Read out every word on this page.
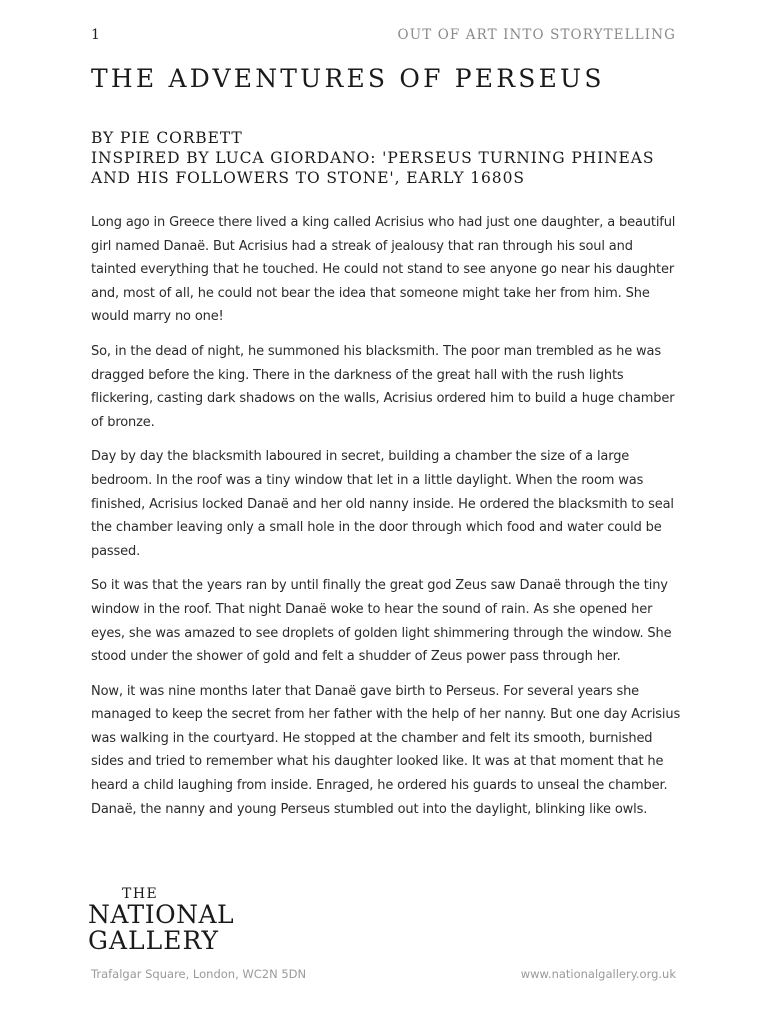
1	OUT OF ART INTO STORYTELLING
THE ADVENTURES OF PERSEUS
BY PIE CORBETT
INSPIRED BY LUCA GIORDANO: 'PERSEUS TURNING PHINEAS
AND HIS FOLLOWERS TO STONE', EARLY 1680S

Long ago in Greece there lived a king called Acrisius who had just one daughter, a beautiful girl named Danaë. But Acrisius had a streak of jealousy that ran through his soul and tainted everything that he touched. He could not stand to see anyone go near his daughter and, most of all, he could not bear the idea that someone might take her from him. She would marry no one!

So, in the dead of night, he summoned his blacksmith. The poor man trembled as he was dragged before the king. There in the darkness of the great hall with the rush lights flickering, casting dark shadows on the walls, Acrisius ordered him to build a huge chamber of bronze.

Day by day the blacksmith laboured in secret, building a chamber the size of a large bedroom. In the roof was a tiny window that let in a little daylight. When the room was finished, Acrisius locked Danaë and her old nanny inside. He ordered the blacksmith to seal the chamber leaving only a small hole in the door through which food and water could be passed.

So it was that the years ran by until finally the great god Zeus saw Danaë through the tiny window in the roof. That night Danaë woke to hear the sound of rain. As she opened her eyes, she was amazed to see droplets of golden light shimmering through the window. She stood under the shower of gold and felt a shudder of Zeus power pass through her.

Now, it was nine months later that Danaë gave birth to Perseus. For several years she managed to keep the secret from her father with the help of her nanny. But one day Acrisius was walking in the courtyard. He stopped at the chamber and felt its smooth, burnished sides and tried to remember what his daughter looked like. It was at that moment that he heard a child laughing from inside. Enraged, he ordered his guards to unseal the chamber. Danaë, the nanny and young Perseus stumbled out into the daylight, blinking like owls.

THE
NATIONAL
GALLERY
Trafalgar Square, London, WC2N 5DN	www.nationalgallery.org.uk
